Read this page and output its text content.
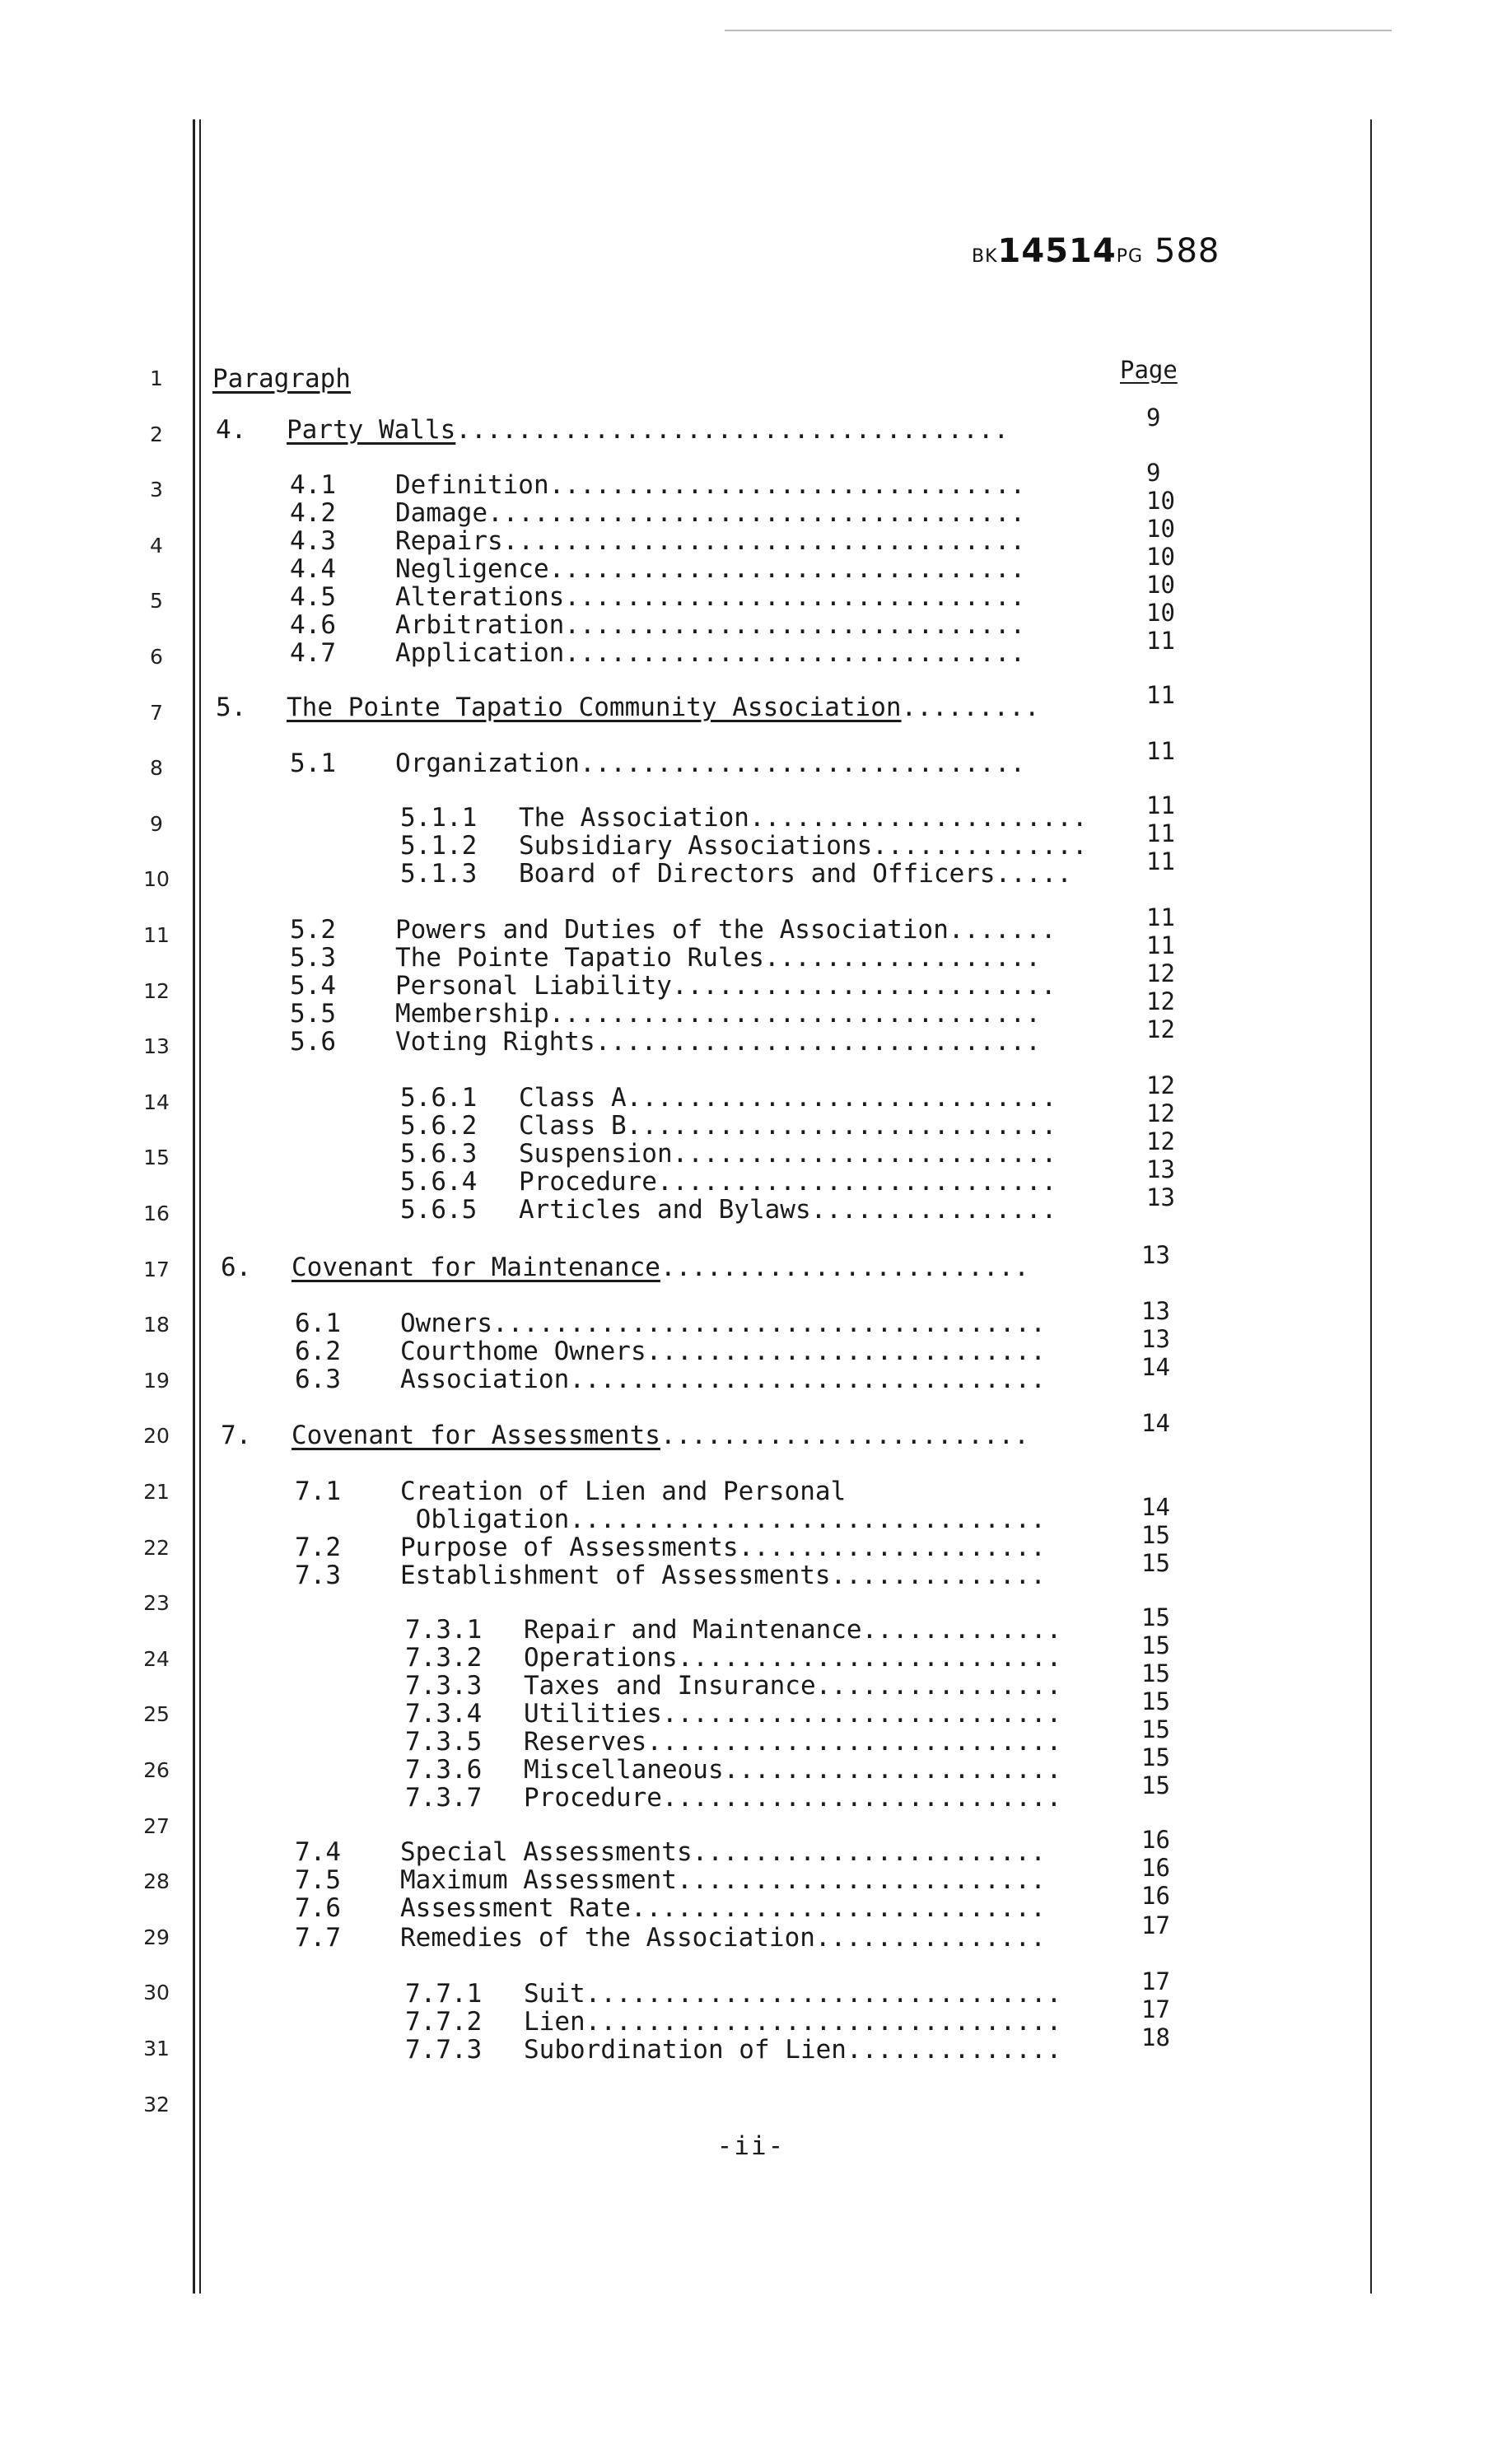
BK14514PG 588
1
2
3
4
5
6
7
8
9
10
11
12
13
14
15
16
17
18
19
20
21
22
23
24
25
26
27
28
29
30
31
32
Paragraph	Page
4. Party Walls....................................	9
4.1 Definition...............................	9
4.2 Damage...................................	10
4.3 Repairs..................................	10
4.4 Negligence...............................	10
4.5 Alterations..............................	10
4.6 Arbitration..............................	10
4.7 Application..............................	11
5. The Pointe Tapatio Community Association.........	11
5.1 Organization.............................	11
5.1.1 The Association...................... 11
5.1.2 Subsidiary Associations.............. 11
5.1.3 Board of Directors and Officers.....	11
5.2 Powers and Duties of the Association.......	11
5.3 The Pointe Tapatio Rules..................	11
5.4 Personal Liability.........................	12
5.5 Membership................................	12
5.6 Voting Rights.............................	12
5.6.1 Class A............................	12
5.6.2 Class B............................	12
5.6.3 Suspension.........................	12
5.6.4 Procedure..........................	13
5.6.5 Articles and Bylaws................	13
6. Covenant for Maintenance........................	13
6.1 Owners....................................	13
6.2 Courthome Owners..........................	13
6.3 Association...............................	14
7. Covenant for Assessments........................	14
7.1 Creation of Lien and Personal
Obligation...............................	14
7.2 Purpose of Assessments....................	15
7.3 Establishment of Assessments..............	15
7.3.1 Repair and Maintenance.............	15
7.3.2 Operations.........................	15
7.3.3 Taxes and Insurance................	15
7.3.4 Utilities..........................	15
7.3.5 Reserves...........................	15
7.3.6 Miscellaneous......................	15
7.3.7 Procedure..........................	15
7.4 Special Assessments.......................	16
7.5 Maximum Assessment........................	16
7.6 Assessment Rate...........................	16
7.7 Remedies of the Association...............	17
7.7.1 Suit...............................	17
7.7.2 Lien...............................	17
7.7.3 Subordination of Lien..............	18
-ii-
